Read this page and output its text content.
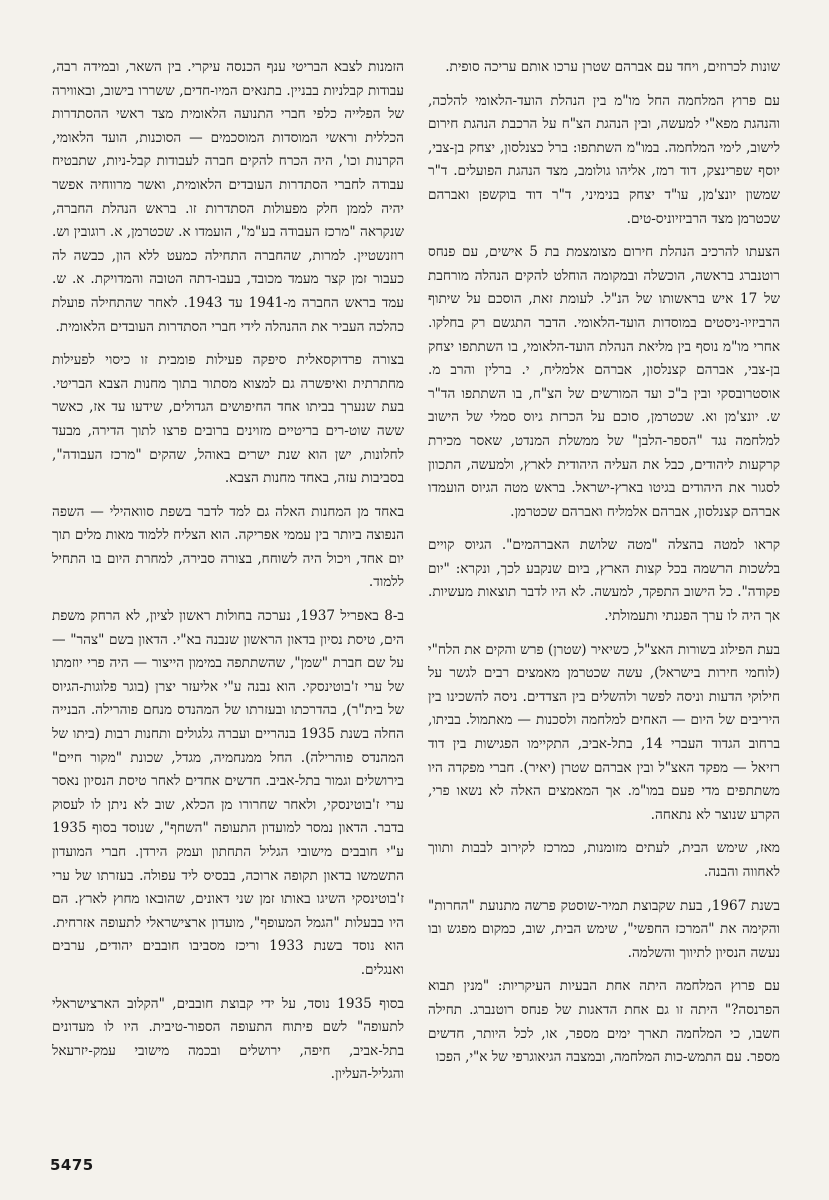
שונות לכרוזים, ויחד עם אברהם שטרן ערכו אותם עריכה סופית.

עם פרוץ המלחמה החל מו"מ בין הנהלת הועד-הלאומי להלכה, והנהגת מפא"י למעשה, ובין הנהגת הצ"ח על הרכבת הנהגת חירום לישוב, לימי המלחמה. במו"מ השתתפו: ברל כצנלסון, יצחק בן-צבי, יוסף שפרינצק, דוד רמז, אליהו גולומב, מצד הנהגת הפועלים. ד"ר שמשון יונצ'מן, עו"ד יצחק בנימיני, ד"ר דוד בוקשפן ואברהם שכטרמן מצד הרביזיוניס-טים.

הצעתו להרכיב הנהלת חירום מצומצמת בת 5 אישים, עם פנחס רוטנברג בראשה, הוכשלה ובמקומה הוחלט להקים הנהלה מורחבת של 17 איש בראשותו של הנ"ל. לעומת זאת, הוסכם על שיתוף הרביזיו-ניסטים במוסדות הועד-הלאומי. הדבר התגשם רק בחלקו. אחרי מו"מ נוסף בין מליאת הנהלת הועד-הלאומי, בו השתתפו יצחק בן-צבי, אברהם קצנלסון, אברהם אלמליח, י. ברלין והרב מ. אוסטרובסקי ובין ב"כ ועד המורשים של הצ"ח, בו השתתפו הד"ר ש. יונצ'מן וא. שכטרמן, סוכם על הכרזת גיוס סמלי של הישוב למלחמה נגד "הספר-הלבן" של ממשלת המנדט, שאסר מכירת קרקעות ליהודים, כבל את העליה היהודית לארץ, ולמעשה, התכוון לסגור את היהודים בגיטו בארץ-ישראל. בראש מטה הגיוס הועמדו אברהם קצנלסון, אברהם אלמליח ואברהם שכטרמן.

קראו למטה בהצלה "מטה שלושת האברהמים". הגיוס קויים בלשכות הרשמה בכל קצות הארץ, ביום שנקבע לכך, ונקרא: "יום פקודה". כל הישוב התפקד, למעשה. לא היו לדבר תוצאות מעשיות. אך היה לו ערך הפגנתי ותעמולתי.

בעת הפילוג בשורות האצ"ל, כשיאיר (שטרן) פרש והקים את הלח"י (לוחמי חירות בישראל), עשה שכטרמן מאמצים רבים לגשר על חילוקי הדעות וניסה לפשר ולהשלים בין הצדדים. ניסה להשכינו בין היריבים של היום — האחים למלחמה ולסכנות — מאתמול. בביתו, ברחוב הגדוד העברי 14, בתל-אביב, התקיימו הפגישות בין דוד רזיאל — מפקד האצ"ל ובין אברהם שטרן (יאיר). חברי מפקדה היו משתתפים מדי פעם במו"מ. אך המאמצים האלה לא נשאו פרי, הקרע שנוצר לא נתאחה.

מאז, שימש הבית, לעתים מזומנות, כמרכז לקירוב לבבות ותווך לאחווה והבנה.

בשנת 1967, בעת שקבוצת תמיר-שוסטק פרשה מתנועת "החרות" והקימה את "המרכז החפשי", שימש הבית, שוב, כמקום מפגש ובו נעשה הנסיון לתיווך והשלמה.

עם פרוץ המלחמה היתה אחת הבעיות העיקריות: "מנין תבוא הפרנסה?" היתה זו גם אחת הדאגות של פנחס רוטנברג. תחילה חשבו, כי המלחמה תארך ימים מספר, או, לכל היותר, חדשים מספר. עם התמש-כות המלחמה, ובמצבה הגיאוגרפי של א"י, הפכו

הזמנות לצבא הבריטי ענף הכנסה עיקרי. בין השאר, ובמידה רבה, עבודות קבלניות בבניין. בתנאים המיו-חדים, ששררו בישוב, ובאווירה של הפלייה כלפי חברי התנועה הלאומית מצד ראשי ההסתדרות הכללית וראשי המוסדות המוסכמים — הסוכנות, הועד הלאומי, הקרנות וכו', היה הכרח להקים חברה לעבודות קבל-ניות, שתבטיח עבודה לחברי הסתדרות העובדים הלאומית, ואשר מרווחיה אפשר יהיה לממן חלק מפעולות הסתדרות זו. בראש הנהלת החברה, שנקראה "מרכז העבודה בע"מ", הועמדו א. שכטרמן, א. רוגובין וש. רוזנשטיין. למרות, שהחברה התחילה כמעט ללא הון, כבשה לה כעבור זמן קצר מעמד מכובד, בעבו-דתה הטובה והמדויקת. א. ש. עמד בראש החברה מ-1941 עד 1943. לאחר שהתחילה פועלת כהלכה העביר את ההנהלה לידי חברי הסתדרות העובדים הלאומית.

בצורה פרדוקסאלית סיפקה פעילות פומבית זו כיסוי לפעילות מחתרתית ואיפשרה גם למצוא מסתור בתוך מחנות הצבא הבריטי. בעת שנערך בביתו אחד החיפושים הגדולים, שידעו עד אז, כאשר ששה שוט-רים בריטיים מזוינים ברובים פרצו לתוך הדירה, מבעד לחלונות, ישן הוא שנת ישרים באוהל, שהקים "מרכז העבודה", בסביבות עזה, באחד מחנות הצבא.

באחד מן המחנות האלה גם למד לדבר בשפת סוואהילי — השפה הנפוצה ביותר בין עממי אפריקה. הוא הצליח ללמוד מאות מלים תוך יום אחד, ויכול היה לשוחח, בצורה סבירה, למחרת היום בו התחיל ללמוד.

ב-8 באפריל 1937, נערכה בחולות ראשון לציון, לא הרחק משפת הים, טיסת נסיון בדאון הראשון שנבנה בא"י. הדאון בשם "צהר" — על שם חברת "שמן", שהשתתפה במימון הייצור — היה פרי יוזמתו של ערי ז'בוטינסקי. הוא נבנה ע"י אליעזר יצרן (בוגר פלוגות-הגיוס של בית"ר), בהדרכתו ובעזרתו של המהנדס מנחם פוהרילה. הבנייה החלה בשנת 1935 בנהריים ועברה גלגולים ותחנות רבות (ביתו של המהנדס פוהרילה). החל ממנחמיה, מגדל, שכונת "מקור חיים" בירושלים וגמור בתל-אביב. חדשים אחדים לאחר טיסת הנסיון נאסר ערי ז'בוטינסקי, ולאחר שחרורו מן הכלא, שוב לא ניתן לו לעסוק בדבר. הדאון נמסר למועדון התעופה "השחף", שנוסד בסוף 1935 ע"י חובבים מישובי הגליל התחתון ועמק הירדן. חברי המועדון התשמשו בדאון תקופה ארוכה, בבסיס ליד עפולה. בעזרתו של ערי ז'בוטינסקי השיגו באותו זמן שני דאונים, שהובאו מחוץ לארץ. הם היו בבעלות "הגמל המעופף", מועדון ארצישראלי לתעופה אזרחית. הוא נוסד בשנת 1933 וריכז מסביבו חובבים יהודים, ערבים ואנגלים.

בסוף 1935 נוסד, על ידי קבוצת חובבים, "הקלוב הארצישראלי לתעופה" לשם פיתוח התעופה הספור-טיבית. היו לו מעדונים בתל-אביב, חיפה, ירושלים ובכמה מישובי עמק-יזרעאל והגליל-העליון.

5475
